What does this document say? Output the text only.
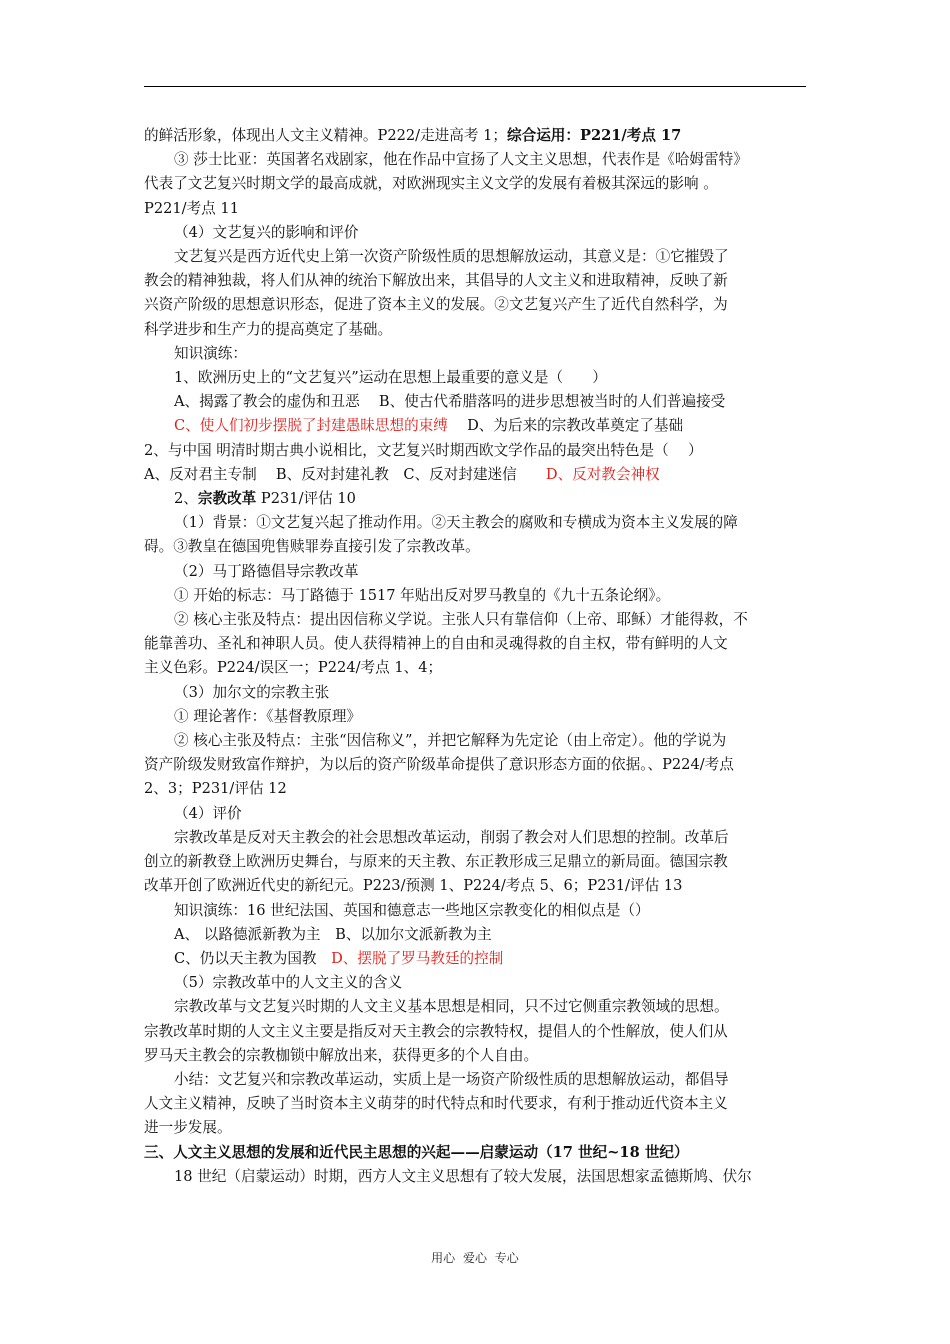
的鲜活形象，体现出人文主义精神。P222/走进高考 1；综合运用：P221/考点 17

③ 莎士比亚：英国著名戏剧家，他在作品中宣扬了人文主义思想，代表作是《哈姆雷特》

代表了文艺复兴时期文学的最高成就，对欧洲现实主义文学的发展有着极其深远的影响 。

P221/考点 11

（4）文艺复兴的影响和评价

文艺复兴是西方近代史上第一次资产阶级性质的思想解放运动，其意义是：①它摧毁了

教会的精神独裁，将人们从神的统治下解放出来，其倡导的人文主义和进取精神，反映了新

兴资产阶级的思想意识形态，促进了资本主义的发展。②文艺复兴产生了近代自然科学，为

科学进步和生产力的提高奠定了基础。

知识演练：

1、欧洲历史上的“文艺复兴”运动在思想上最重要的意义是（　　）

A、揭露了教会的虚伪和丑恶　 B、使古代希腊落吗的进步思想被当时的人们普遍接受

C、使人们初步摆脱了封建愚昧思想的束缚　 D、为后来的宗教改革奠定了基础

2、与中国 明清时期古典小说相比，文艺复兴时期西欧文学作品的最突出特色是（　 ）

A、反对君主专制　 B、反对封建礼教　C、反对封建迷信　　D、反对教会神权

2、宗教改革 P231/评估 10

（1）背景：①文艺复兴起了推动作用。②天主教会的腐败和专横成为资本主义发展的障

碍。③教皇在德国兜售赎罪券直接引发了宗教改革。

（2）马丁路德倡导宗教改革

① 开始的标志：马丁路德于 1517 年贴出反对罗马教皇的《九十五条论纲》。

② 核心主张及特点：提出因信称义学说。主张人只有靠信仰（上帝、耶稣）才能得救，不

能靠善功、圣礼和神职人员。使人获得精神上的自由和灵魂得救的自主权，带有鲜明的人文

主义色彩。P224/误区一；P224/考点 1、4；

（3）加尔文的宗教主张

① 理论著作：《基督教原理》

② 核心主张及特点：主张“因信称义”，并把它解释为先定论（由上帝定）。他的学说为

资产阶级发财致富作辩护，为以后的资产阶级革命提供了意识形态方面的依据。、P224/考点

2、3；P231/评估 12

（4）评价

宗教改革是反对天主教会的社会思想改革运动，削弱了教会对人们思想的控制。改革后

创立的新教登上欧洲历史舞台，与原来的天主教、东正教形成三足鼎立的新局面。德国宗教

改革开创了欧洲近代史的新纪元。P223/预测 1、P224/考点 5、6；P231/评估 13

知识演练：16 世纪法国、英国和德意志一些地区宗教变化的相似点是（）

A、 以路德派新教为主　B、以加尔文派新教为主

C、仍以天主教为国教　D、摆脱了罗马教廷的控制

（5）宗教改革中的人文主义的含义

宗教改革与文艺复兴时期的人文主义基本思想是相同，只不过它侧重宗教领域的思想。

宗教改革时期的人文主义主要是指反对天主教会的宗教特权，提倡人的个性解放，使人们从

罗马天主教会的宗教枷锁中解放出来，获得更多的个人自由。

小结：文艺复兴和宗教改革运动，实质上是一场资产阶级性质的思想解放运动，都倡导

人文主义精神，反映了当时资本主义萌芽的时代特点和时代要求，有利于推动近代资本主义

进一步发展。

三、人文主义思想的发展和近代民主思想的兴起——启蒙运动（17 世纪~18 世纪）

18 世纪（启蒙运动）时期，西方人文主义思想有了较大发展，法国思想家孟德斯鸠、伏尔

用心 爱心 专心
